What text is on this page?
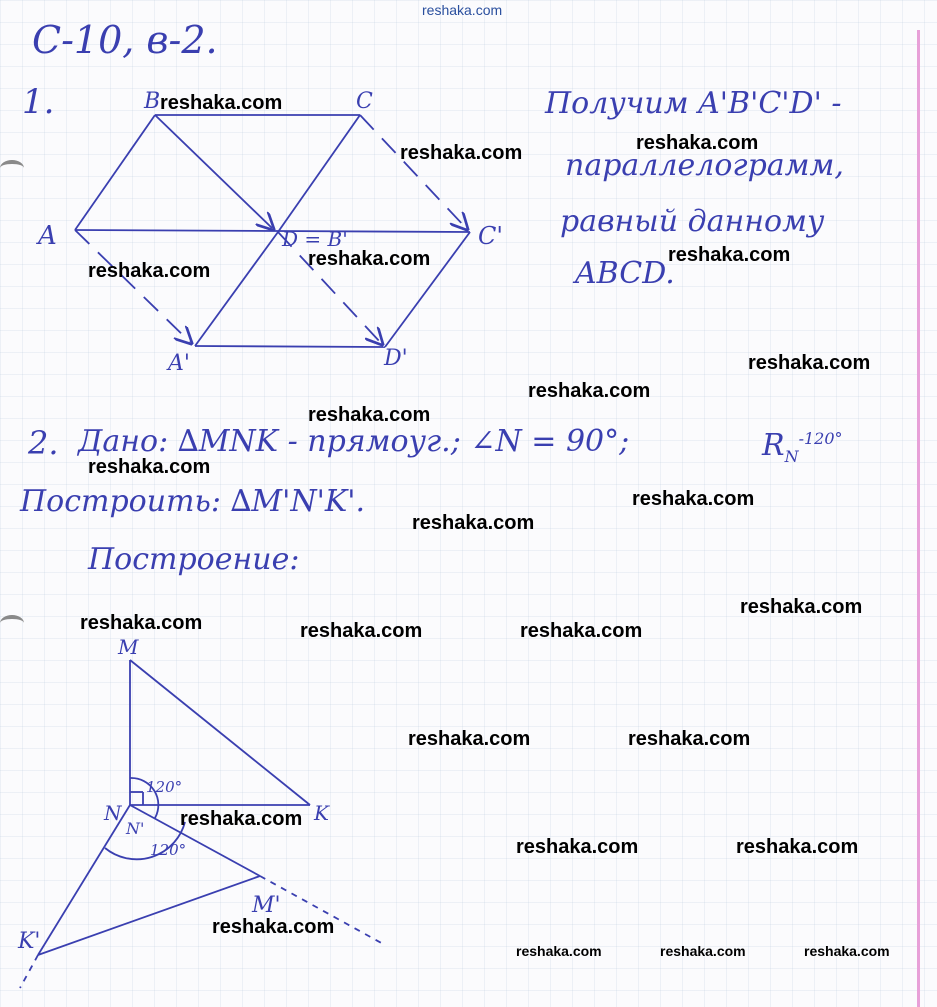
reshaka.com
С-10, в-2.
1.	Получим A'B'C'D' -
параллелограмм,
равный данному
ABCD.
2. Дано: ∆MNK - прямоуг.; ∠N = 90°;	$R_N^{-120^\circ}$
Построить: ∆M'N'K'.
Построение:
A
B	C
D = B'	C'
A'	D'
M
N	K
N'
M'
K'
120°
120°
reshaka.com
reshaka.com	reshaka.com
reshaka.com
reshaka.com	reshaka.com
reshaka.com
reshaka.com
reshaka.com
reshaka.com
reshaka.com
reshaka.com
reshaka.com
reshaka.com	reshaka.com	reshaka.com
reshaka.com	reshaka.com
reshaka.com
reshaka.com	reshaka.com
reshaka.com
reshaka.com	reshaka.com	reshaka.com
